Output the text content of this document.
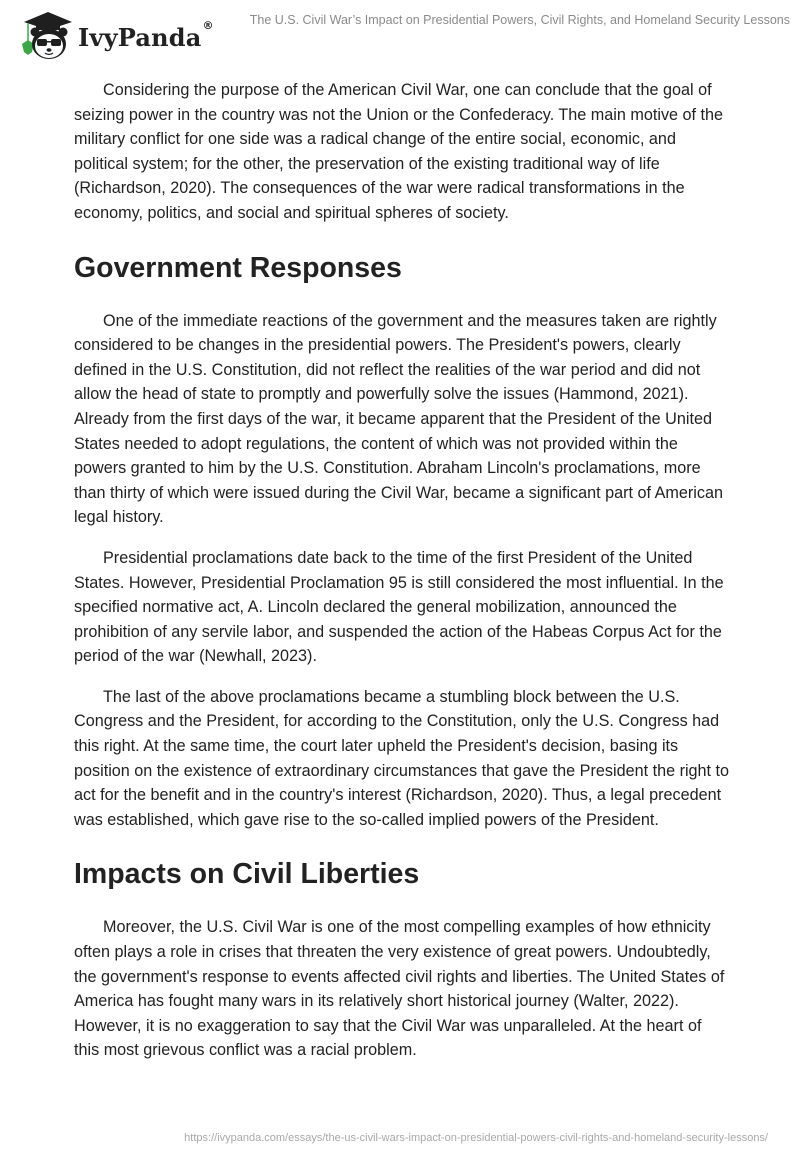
IvyPanda®	The U.S. Civil War’s Impact on Presidential Powers, Civil Rights, and Homeland Security Lessons

Considering the purpose of the American Civil War, one can conclude that the goal of seizing power in the country was not the Union or the Confederacy. The main motive of the military conflict for one side was a radical change of the entire social, economic, and political system; for the other, the preservation of the existing traditional way of life (Richardson, 2020). The consequences of the war were radical transformations in the economy, politics, and social and spiritual spheres of society.

Government Responses

One of the immediate reactions of the government and the measures taken are rightly considered to be changes in the presidential powers. The President's powers, clearly defined in the U.S. Constitution, did not reflect the realities of the war period and did not allow the head of state to promptly and powerfully solve the issues (Hammond, 2021). Already from the first days of the war, it became apparent that the President of the United States needed to adopt regulations, the content of which was not provided within the powers granted to him by the U.S. Constitution. Abraham Lincoln's proclamations, more than thirty of which were issued during the Civil War, became a significant part of American legal history.

Presidential proclamations date back to the time of the first President of the United States. However, Presidential Proclamation 95 is still considered the most influential. In the specified normative act, A. Lincoln declared the general mobilization, announced the prohibition of any servile labor, and suspended the action of the Habeas Corpus Act for the period of the war (Newhall, 2023).

The last of the above proclamations became a stumbling block between the U.S. Congress and the President, for according to the Constitution, only the U.S. Congress had this right. At the same time, the court later upheld the President's decision, basing its position on the existence of extraordinary circumstances that gave the President the right to act for the benefit and in the country's interest (Richardson, 2020). Thus, a legal precedent was established, which gave rise to the so-called implied powers of the President.

Impacts on Civil Liberties

Moreover, the U.S. Civil War is one of the most compelling examples of how ethnicity often plays a role in crises that threaten the very existence of great powers. Undoubtedly, the government's response to events affected civil rights and liberties. The United States of America has fought many wars in its relatively short historical journey (Walter, 2022). However, it is no exaggeration to say that the Civil War was unparalleled. At the heart of this most grievous conflict was a racial problem.

https://ivypanda.com/essays/the-us-civil-wars-impact-on-presidential-powers-civil-rights-and-homeland-security-lessons/
